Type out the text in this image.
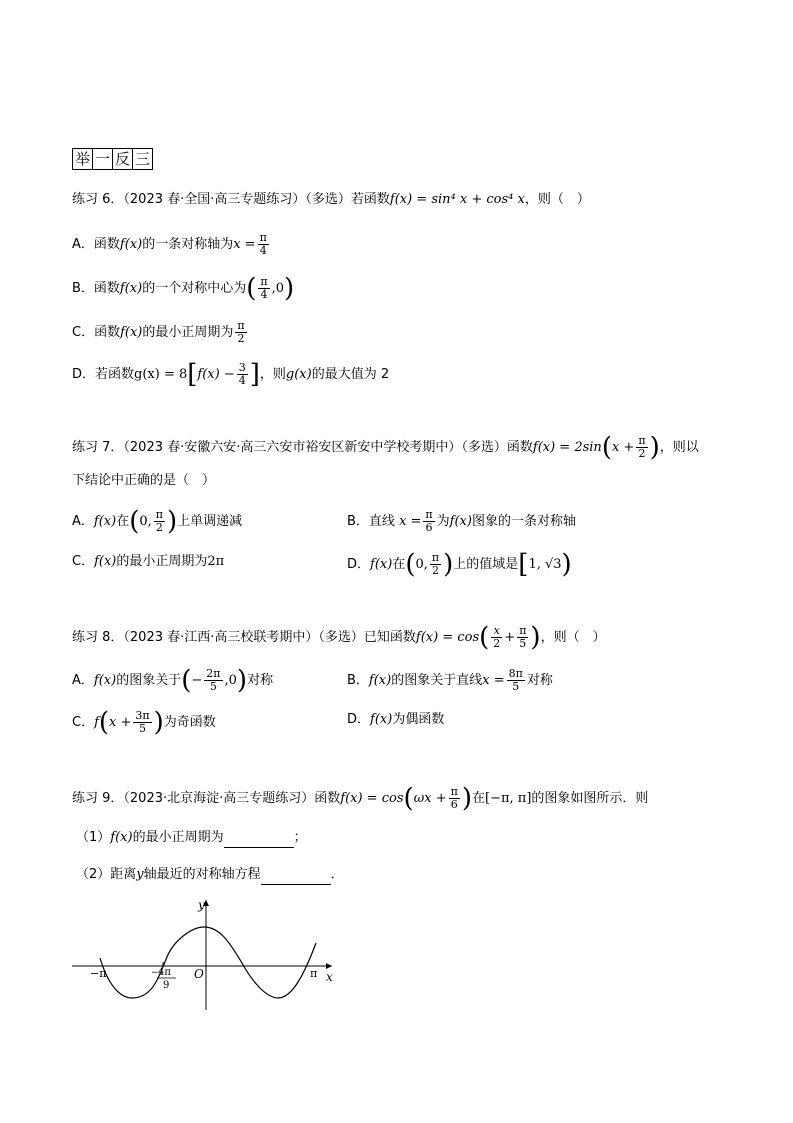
举 一 反 三
练习 6．（2023 春·全国·高三专题练习）（多选）若函数f(x) = sin⁴ x + cos⁴ x，则（　）
A．函数f(x)的一条对称轴为$x = \frac{\pi}{4}$
B．函数f(x)的一个对称中心为( $\frac{\pi}{4} ,0$)
C．函数f(x)的最小正周期为 $\frac{\pi}{2}$
D．若函数$g(x) = 8[f(x) - \frac{3}{4}$ ]，则g(x)的最大值为 2
练习 7．（2023 春·安徽六安·高三六安市裕安区新安中学校考期中）（多选）函数$f(x) = 2\sin(x + \frac{\pi}{2}$ )，则以
下结论中正确的是（　）
A．f(x)在(0, $\frac{\pi}{2}$ )上单调递减	B．直线 $x = \frac{\pi}{6}$ 为f(x)图象的一条对称轴
C．f(x)的最小正周期为2π	D．f(x)在(0, $\frac{\pi}{2}$ )上的值域是[1, √3)
练习 8．（2023 春·江西·高三校联考期中）（多选）已知函数$f(x) = \cos( \frac{x}{2} + \frac{\pi}{5}$ )，则（　）
A．f(x)的图象关于(− $\frac{2\pi}{5} ,0$)对称	B．f(x)的图象关于直线$x = \frac{8\pi}{5}$ 对称
C．$f(x + \frac{3\pi}{5}$ )为奇函数	D．f(x)为偶函数
练习 9．（2023·北京海淀·高三专题练习）函数$f(x) = \cos(\omega x + \frac{\pi}{6}$ )在[−π, π]的图象如图所示．则
（1）f(x)的最小正周期为	；
（2）距离y轴最近的对称轴方程	．
y
x
O
−π	π
− 4π
9
